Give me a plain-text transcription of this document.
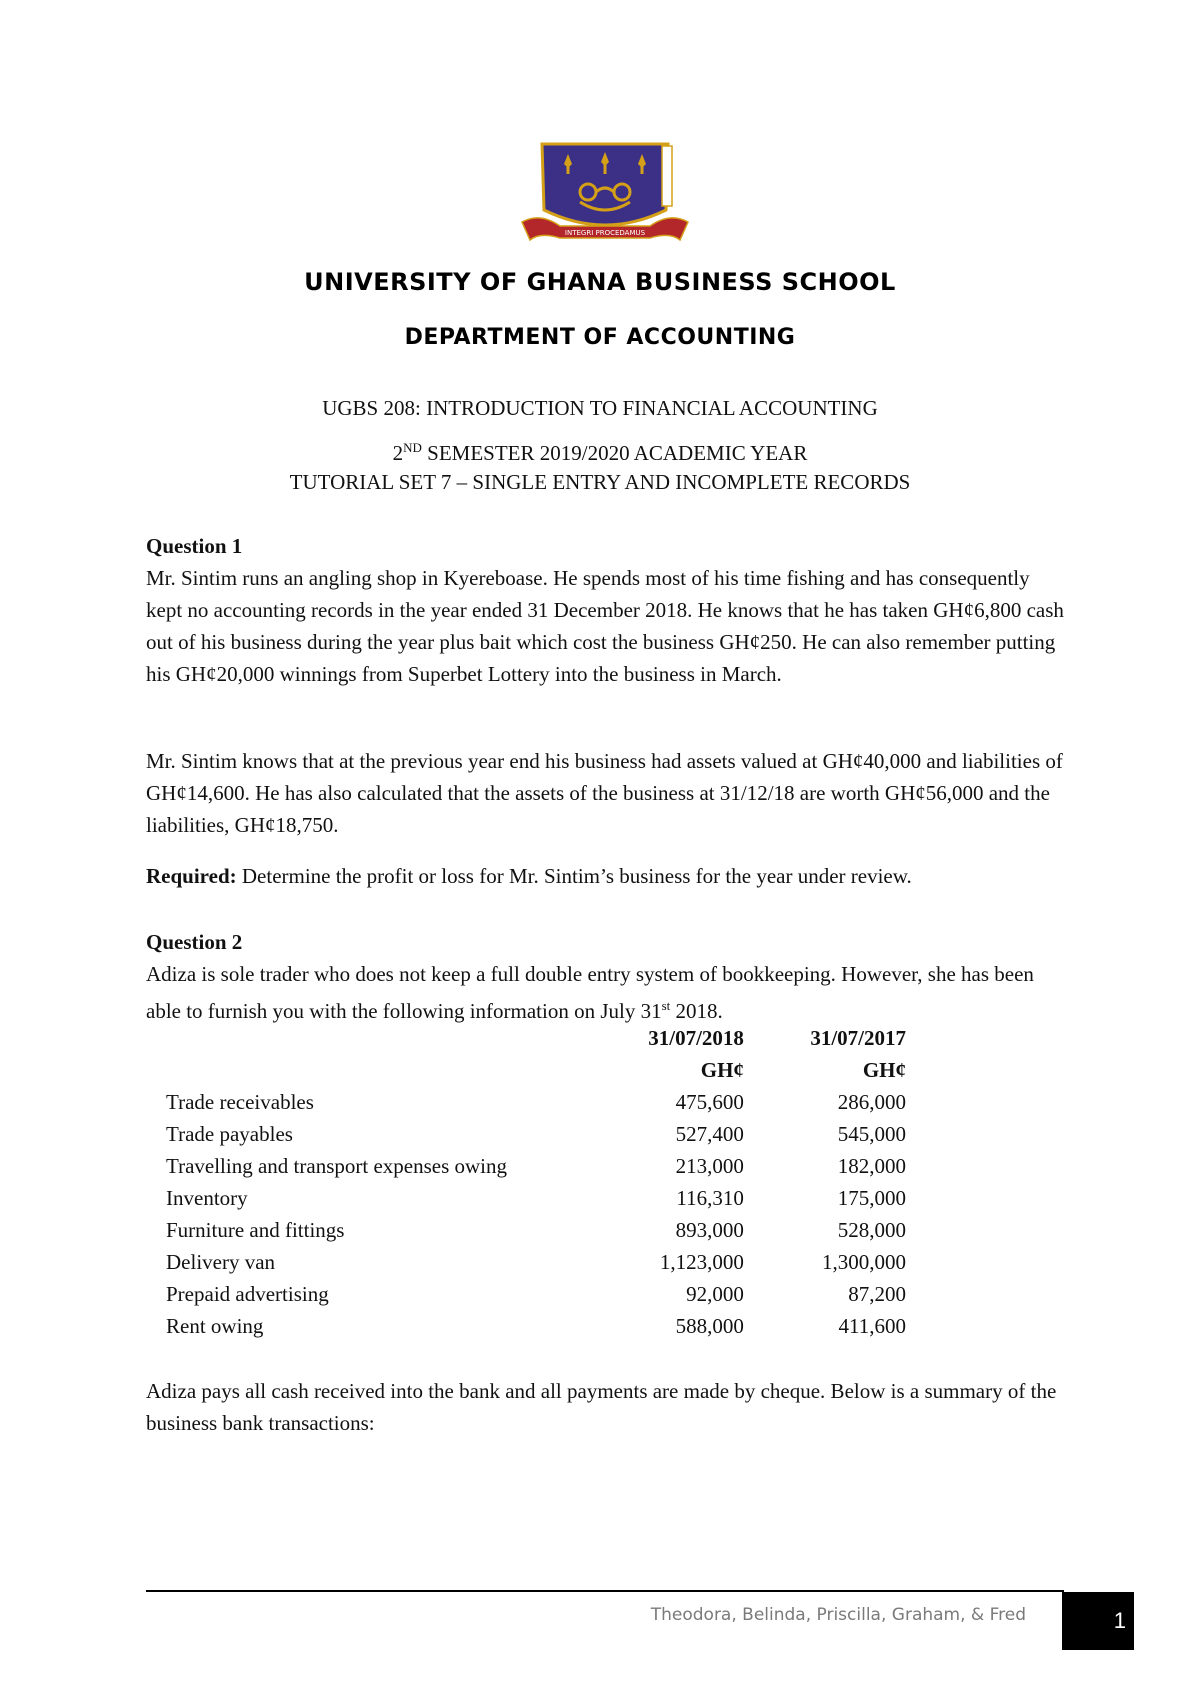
INTEGRI PROCEDAMUS
UNIVERSITY OF GHANA BUSINESS SCHOOL
DEPARTMENT OF ACCOUNTING
UGBS 208: INTRODUCTION TO FINANCIAL ACCOUNTING
2ND SEMESTER 2019/2020 ACADEMIC YEAR
TUTORIAL SET 7 – SINGLE ENTRY AND INCOMPLETE RECORDS
Question 1

Mr. Sintim runs an angling shop in Kyereboase. He spends most of his time fishing and has consequently kept no accounting records in the year ended 31 December 2018. He knows that he has taken GH¢6,800 cash out of his business during the year plus bait which cost the business GH¢250. He can also remember putting his GH¢20,000 winnings from Superbet Lottery into the business in March.

Mr. Sintim knows that at the previous year end his business had assets valued at GH¢40,000 and liabilities of GH¢14,600. He has also calculated that the assets of the business at 31/12/18 are worth GH¢56,000 and the liabilities, GH¢18,750.

Required: Determine the profit or loss for Mr. Sintim’s business for the year under review.

Question 2

Adiza is sole trader who does not keep a full double entry system of bookkeeping. However, she has been able to furnish you with the following information on July 31st 2018.

	31/07/2018	31/07/2017
	GH¢	GH¢
Trade receivables	475,600	286,000
Trade payables	527,400	545,000
Travelling and transport expenses owing	213,000	182,000
Inventory	116,310	175,000
Furniture and fittings	893,000	528,000
Delivery van	1,123,000	1,300,000
Prepaid advertising	92,000	87,200
Rent owing	588,000	411,600

Adiza pays all cash received into the bank and all payments are made by cheque. Below is a summary of the business bank transactions:

Theodora, Belinda, Priscilla, Graham, & Fred	1
